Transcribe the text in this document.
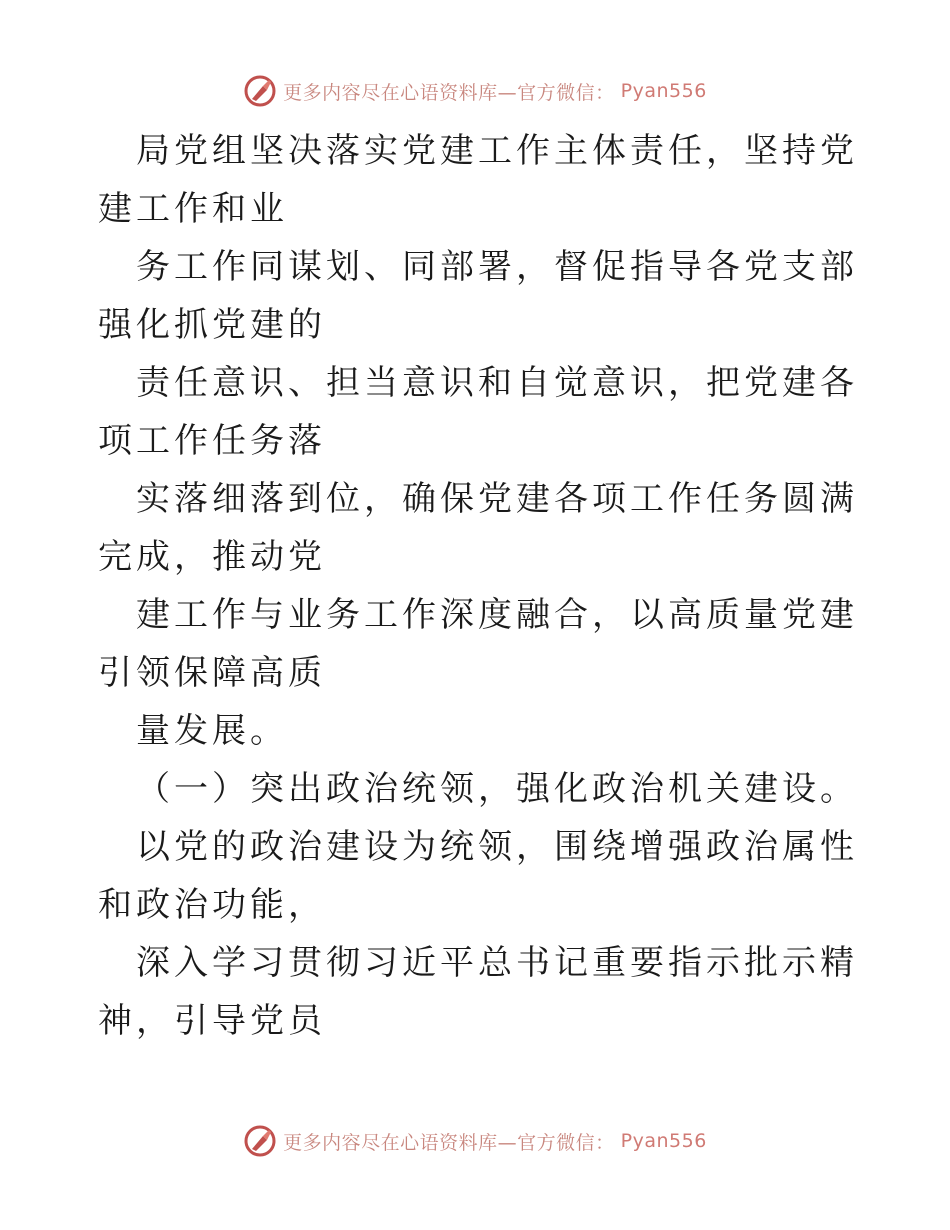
更多内容尽在心语资料库—官方微信： Pyan556

局党组坚决落实党建工作主体责任，坚持党建工作和业

务工作同谋划、同部署，督促指导各党支部强化抓党建的

责任意识、担当意识和自觉意识，把党建各项工作任务落

实落细落到位，确保党建各项工作任务圆满完成，推动党

建工作与业务工作深度融合，以高质量党建引领保障高质

量发展。

（一）突出政治统领，强化政治机关建设。

以党的政治建设为统领，围绕增强政治属性和政治功能，

深入学习贯彻习近平总书记重要指示批示精神，引导党员

更多内容尽在心语资料库—官方微信： Pyan556
